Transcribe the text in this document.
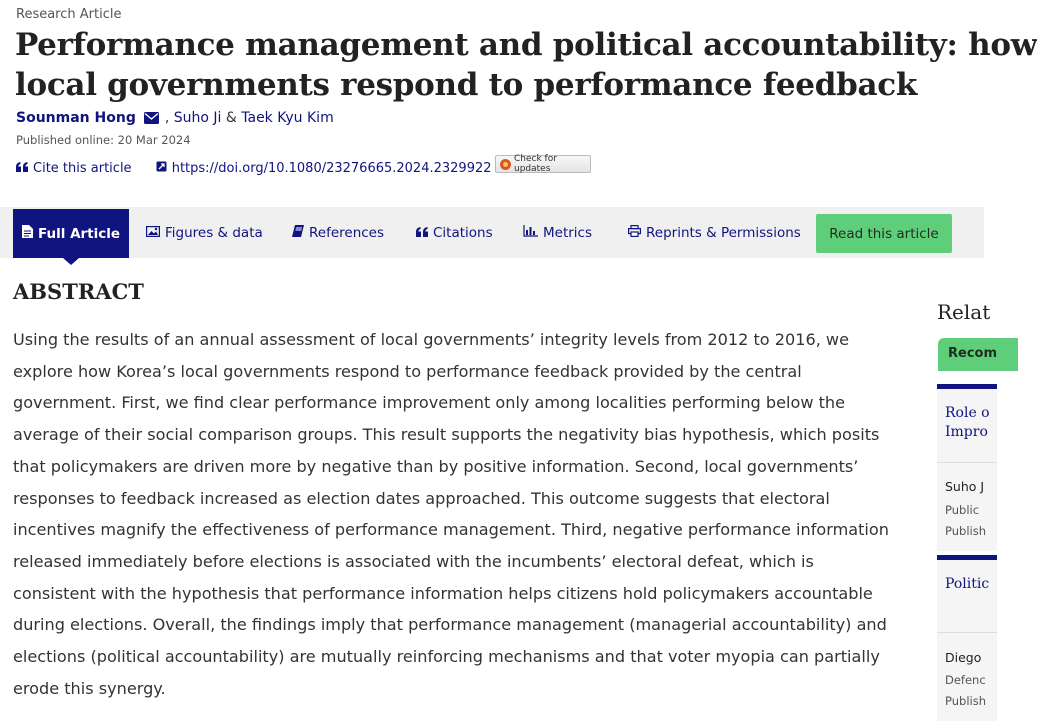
Research Article
Performance management and political accountability: how
local governments respond to performance feedback
Sounman Hong , Suho Ji & Taek Kyu Kim
Published online: 20 Mar 2024
Cite this article
	https://doi.org/10.1080/23276665.2024.2329922
Check for updates
Full Article	Figures & data	References	Citations	Metrics	Reprints & Permissions Read this article
ABSTRACT

Using the results of an annual assessment of local governments’ integrity levels from 2012 to 2016, we explore how Korea’s local governments respond to performance feedback provided by the central government. First, we find clear performance improvement only among localities performing below the average of their social comparison groups. This result supports the negativity bias hypothesis, which posits that policymakers are driven more by negative than by positive information. Second, local governments’ responses to feedback increased as election dates approached. This outcome suggests that electoral incentives magnify the effectiveness of performance management. Third, negative performance information released immediately before elections is associated with the incumbents’ electoral defeat, which is consistent with the hypothesis that performance information helps citizens hold policymakers accountable during elections. Overall, the findings imply that performance management (managerial accountability) and elections (political accountability) are mutually reinforcing mechanisms and that voter myopia can partially erode this synergy.

Relat
Recom
Role o
Impro
Suho J
Public
Publish
Politic
Diego
Defenc
Publish
